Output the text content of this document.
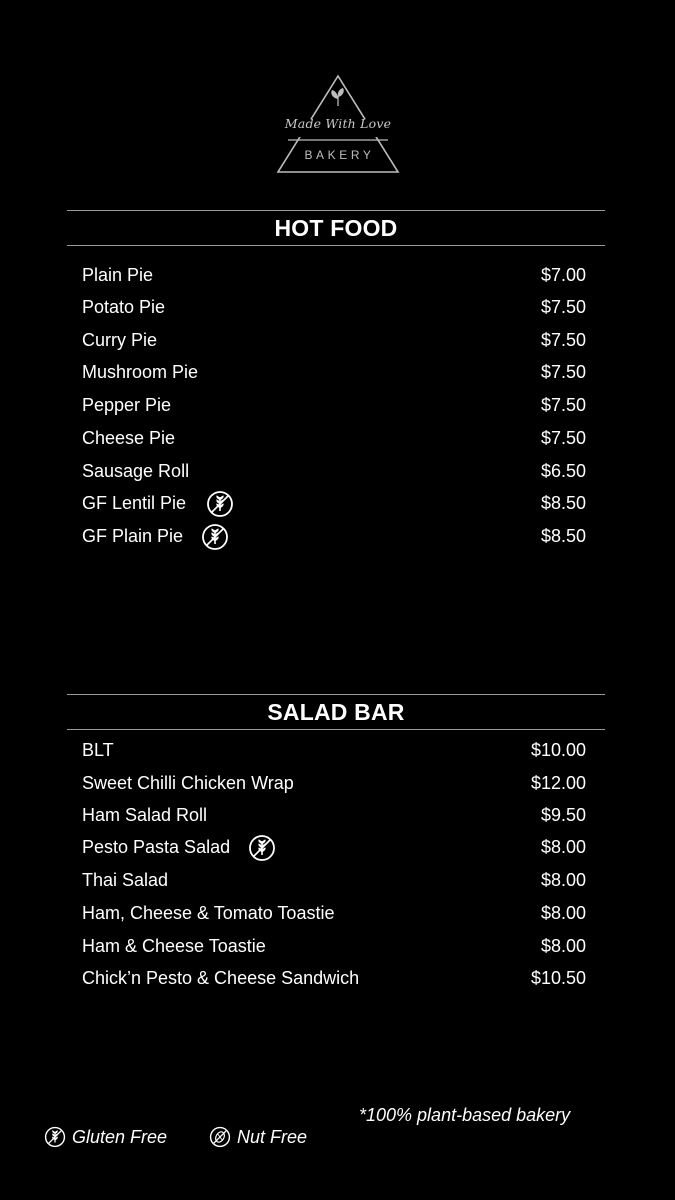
Made With Love
BAKERY
HOT FOOD
Plain Pie	$7.00
Potato Pie	$7.50
Curry Pie	$7.50
Mushroom Pie	$7.50
Pepper Pie	$7.50
Cheese Pie	$7.50
Sausage Roll	$6.50
GF Lentil Pie	$8.50
GF Plain Pie	$8.50
SALAD BAR
BLT	$10.00
Sweet Chilli Chicken Wrap	$12.00
Ham Salad Roll	$9.50
Pesto Pasta Salad	$8.00
Thai Salad	$8.00
Ham, Cheese & Tomato Toastie	$8.00
Ham & Cheese Toastie	$8.00
Chick’n Pesto & Cheese Sandwich	$10.50
*100% plant-based bakery
Gluten Free	Nut Free
